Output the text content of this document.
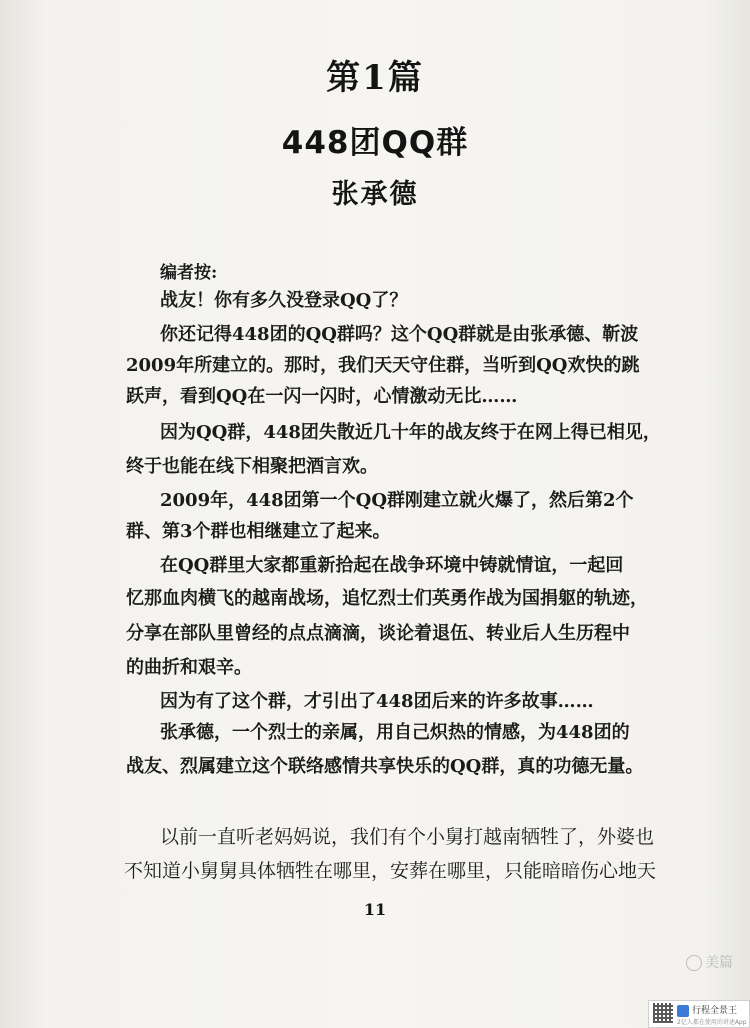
第1篇
448团QQ群
张承德
编者按:
战友！你有多久没登录QQ了？
你还记得448团的QQ群吗？这个QQ群就是由张承德、靳波
2009年所建立的。那时，我们天天守住群，当听到QQ欢快的跳
跃声，看到QQ在一闪一闪时，心情激动无比……
因为QQ群，448团失散近几十年的战友终于在网上得已相见，
终于也能在线下相聚把酒言欢。
2009年，448团第一个QQ群刚建立就火爆了，然后第2个
群、第3个群也相继建立了起来。
在QQ群里大家都重新拾起在战争环境中铸就情谊，一起回
忆那血肉横飞的越南战场，追忆烈士们英勇作战为国捐躯的轨迹，
分享在部队里曾经的点点滴滴，谈论着退伍、转业后人生历程中
的曲折和艰辛。
因为有了这个群，才引出了448团后来的许多故事……
张承德，一个烈士的亲属，用自己炽热的情感，为448团的
战友、烈属建立这个联络感情共享快乐的QQ群，真的功德无量。
以前一直听老妈妈说，我们有个小舅打越南牺牲了，外婆也
不知道小舅舅具体牺牲在哪里，安葬在哪里，只能暗暗伤心地天
11
美篇
行程全景王
2亿人都在使用的讲述App
